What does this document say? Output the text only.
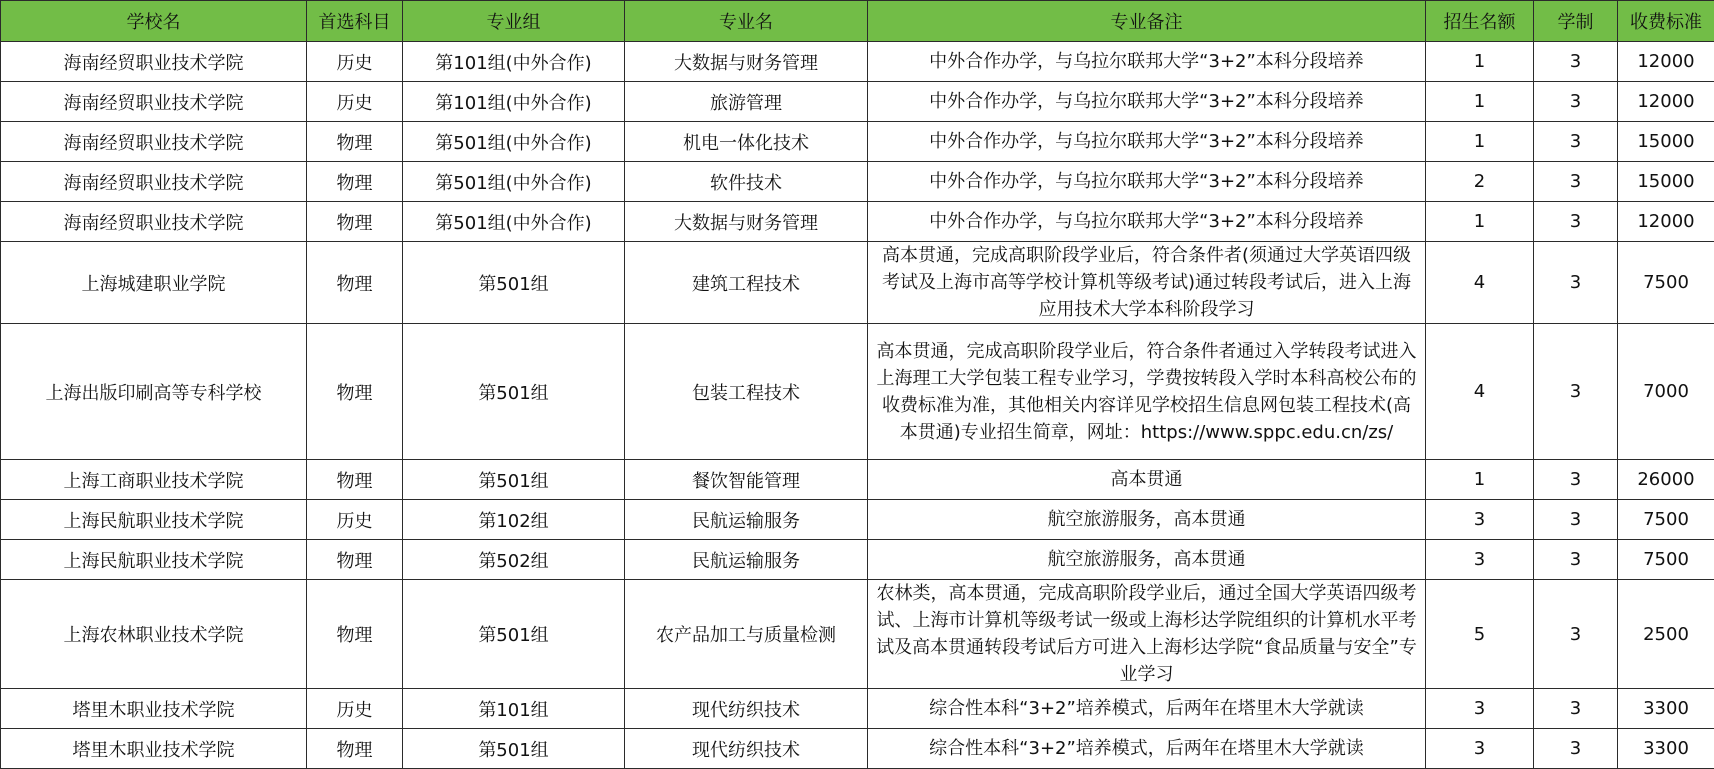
学校名	首选科目	专业组	专业名	专业备注	招生名额	学制	收费标准
海南经贸职业技术学院	历史	第101组(中外合作)	大数据与财务管理	中外合作办学，与乌拉尔联邦大学“3+2”本科分段培养	1	3	12000
海南经贸职业技术学院	历史	第101组(中外合作)	旅游管理	中外合作办学，与乌拉尔联邦大学“3+2”本科分段培养	1	3	12000
海南经贸职业技术学院	物理	第501组(中外合作)	机电一体化技术	中外合作办学，与乌拉尔联邦大学“3+2”本科分段培养	1	3	15000
海南经贸职业技术学院	物理	第501组(中外合作)	软件技术	中外合作办学，与乌拉尔联邦大学“3+2”本科分段培养	2	3	15000
海南经贸职业技术学院	物理	第501组(中外合作)	大数据与财务管理	中外合作办学，与乌拉尔联邦大学“3+2”本科分段培养	1	3	12000
上海城建职业学院	物理	第501组	建筑工程技术	高本贯通，完成高职阶段学业后，符合条件者(须通过大学英语四级考试及上海市高等学校计算机等级考试)通过转段考试后，进入上海应用技术大学本科阶段学习	4	3	7500
上海出版印刷高等专科学校	物理	第501组	包装工程技术	高本贯通，完成高职阶段学业后，符合条件者通过入学转段考试进入上海理工大学包装工程专业学习，学费按转段入学时本科高校公布的收费标准为准，其他相关内容详见学校招生信息网包装工程技术(高本贯通)专业招生简章，网址：https://www.sppc.edu.cn/zs/	4	3	7000
上海工商职业技术学院	物理	第501组	餐饮智能管理	高本贯通	1	3	26000
上海民航职业技术学院	历史	第102组	民航运输服务	航空旅游服务，高本贯通	3	3	7500
上海民航职业技术学院	物理	第502组	民航运输服务	航空旅游服务，高本贯通	3	3	7500
上海农林职业技术学院	物理	第501组	农产品加工与质量检测	农林类，高本贯通，完成高职阶段学业后，通过全国大学英语四级考试、上海市计算机等级考试一级或上海杉达学院组织的计算机水平考试及高本贯通转段考试后方可进入上海杉达学院“食品质量与安全”专业学习	5	3	2500
塔里木职业技术学院	历史	第101组	现代纺织技术	综合性本科“3+2”培养模式，后两年在塔里木大学就读	3	3	3300
塔里木职业技术学院	物理	第501组	现代纺织技术	综合性本科“3+2”培养模式，后两年在塔里木大学就读	3	3	3300
